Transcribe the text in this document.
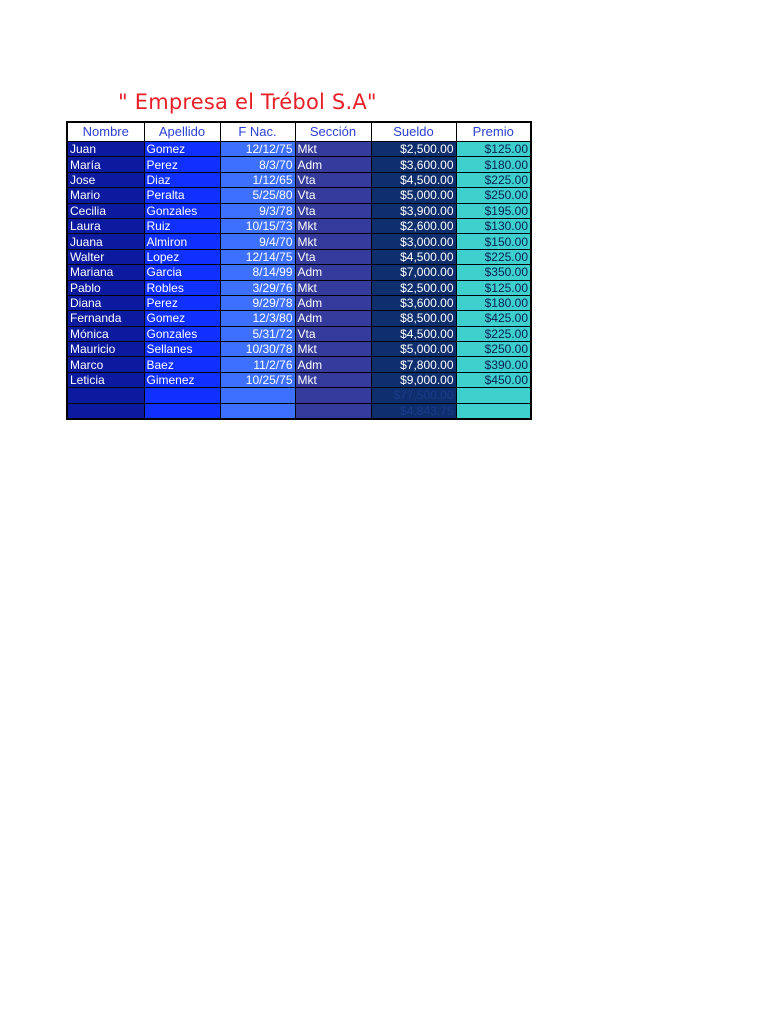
" Empresa el Trébol S.A"
Nombre	Apellido	F Nac.	Sección	Sueldo	Premio
Juan	Gomez	12/12/75	Mkt	$2,500.00	$125.00
María	Perez	8/3/70	Adm	$3,600.00	$180.00
Jose	Diaz	1/12/65	Vta	$4,500.00	$225.00
Mario	Peralta	5/25/80	Vta	$5,000.00	$250.00
Cecilia	Gonzales	9/3/78	Vta	$3,900.00	$195.00
Laura	Ruiz	10/15/73	Mkt	$2,600.00	$130.00
Juana	Almiron	9/4/70	Mkt	$3,000.00	$150.00
Walter	Lopez	12/14/75	Vta	$4,500.00	$225.00
Mariana	Garcia	8/14/99	Adm	$7,000.00	$350.00
Pablo	Robles	3/29/76	Mkt	$2,500.00	$125.00
Diana	Perez	9/29/78	Adm	$3,600.00	$180.00
Fernanda	Gomez	12/3/80	Adm	$8,500.00	$425.00
Mónica	Gonzales	5/31/72	Vta	$4,500.00	$225.00
Mauricio	Sellanes	10/30/78	Mkt	$5,000.00	$250.00
Marco	Baez	11/2/76	Adm	$7,800.00	$390.00
Leticia	Gimenez	10/25/75	Mkt	$9,000.00	$450.00
				$77,500.00	
				$4,843.75	
